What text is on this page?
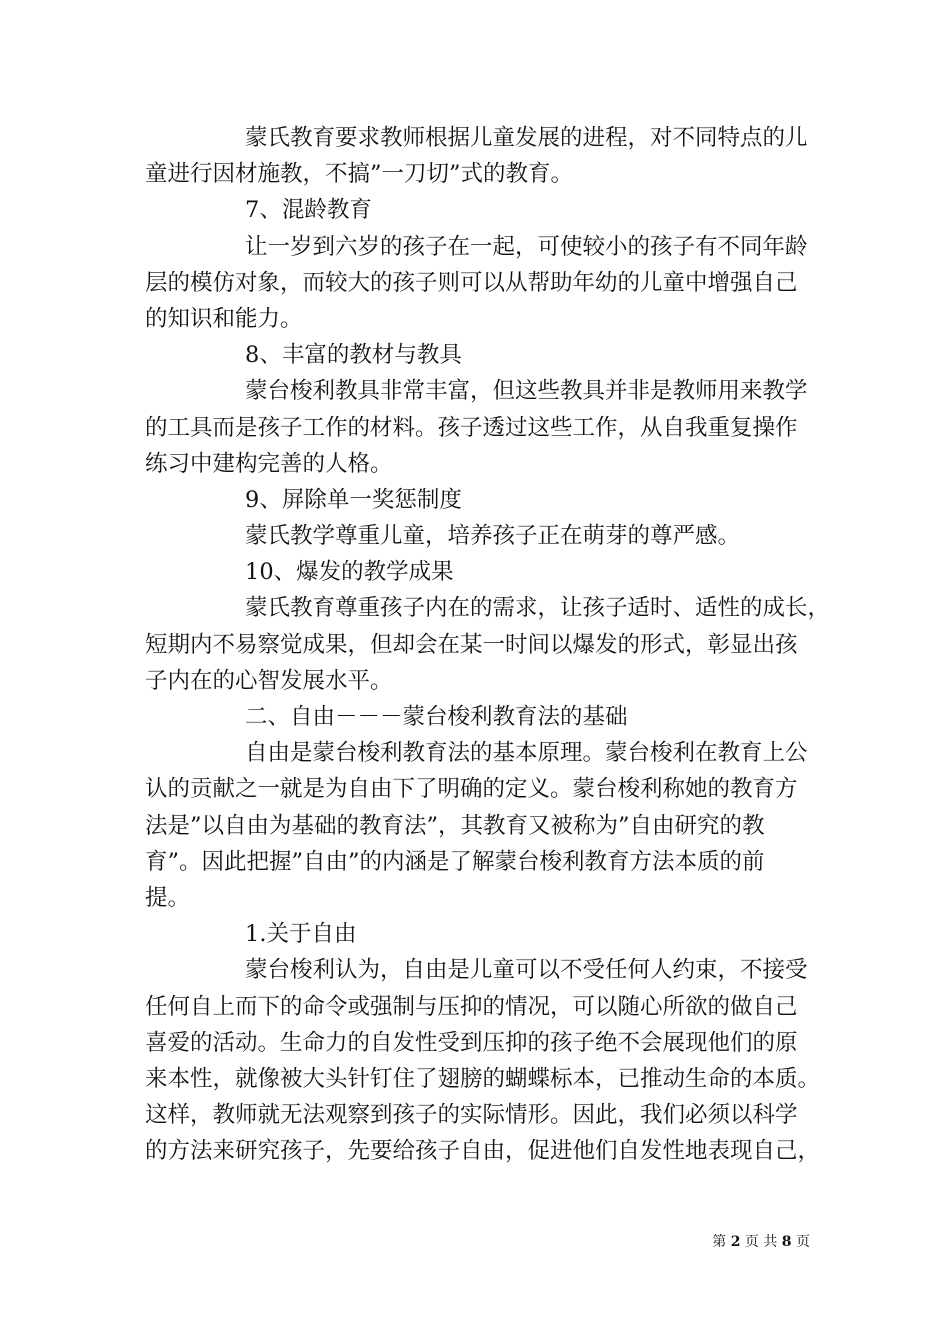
蒙氏教育要求教师根据儿童发展的进程，对不同特点的儿
童进行因材施教，不搞”一刀切”式的教育。
7、混龄教育
让一岁到六岁的孩子在一起，可使较小的孩子有不同年龄
层的模仿对象，而较大的孩子则可以从帮助年幼的儿童中增强自己
的知识和能力。
8、丰富的教材与教具
蒙台梭利教具非常丰富，但这些教具并非是教师用来教学
的工具而是孩子工作的材料。孩子透过这些工作，从自我重复操作
练习中建构完善的人格。
9、屏除单一奖惩制度
蒙氏教学尊重儿童，培养孩子正在萌芽的尊严感。
10、爆发的教学成果
蒙氏教育尊重孩子内在的需求，让孩子适时、适性的成长，
短期内不易察觉成果，但却会在某一时间以爆发的形式，彰显出孩
子内在的心智发展水平。
二、自由－－－蒙台梭利教育法的基础
自由是蒙台梭利教育法的基本原理。蒙台梭利在教育上公
认的贡献之一就是为自由下了明确的定义。蒙台梭利称她的教育方
法是”以自由为基础的教育法”，其教育又被称为”自由研究的教
育”。因此把握”自由”的内涵是了解蒙台梭利教育方法本质的前
提。
1.关于自由
蒙台梭利认为，自由是儿童可以不受任何人约束，不接受
任何自上而下的命令或强制与压抑的情况，可以随心所欲的做自己
喜爱的活动。生命力的自发性受到压抑的孩子绝不会展现他们的原
来本性，就像被大头针钉住了翅膀的蝴蝶标本，已推动生命的本质。
这样，教师就无法观察到孩子的实际情形。因此，我们必须以科学
的方法来研究孩子，先要给孩子自由，促进他们自发性地表现自己，
第 2 页 共 8 页
